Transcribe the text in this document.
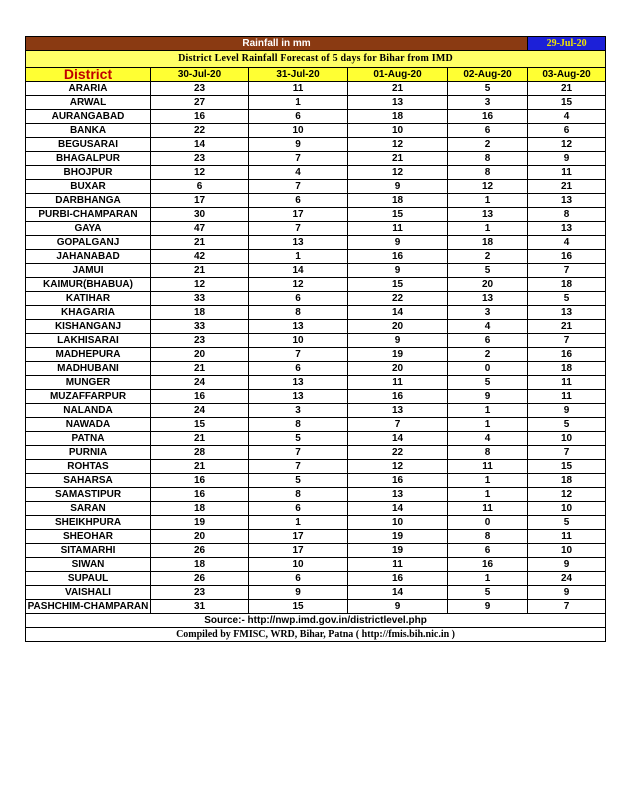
Rainfall in mm					29-Jul-20
District Level Rainfall Forecast of 5 days for Bihar from IMD					
District	30-Jul-20	31-Jul-20	01-Aug-20	02-Aug-20	03-Aug-20
ARARIA	23	11	21	5	21
ARWAL	27	1	13	3	15
AURANGABAD	16	6	18	16	4
BANKA	22	10	10	6	6
BEGUSARAI	14	9	12	2	12
BHAGALPUR	23	7	21	8	9
BHOJPUR	12	4	12	8	11
BUXAR	6	7	9	12	21
DARBHANGA	17	6	18	1	13
PURBI-CHAMPARAN	30	17	15	13	8
GAYA	47	7	11	1	13
GOPALGANJ	21	13	9	18	4
JAHANABAD	42	1	16	2	16
JAMUI	21	14	9	5	7
KAIMUR(BHABUA)	12	12	15	20	18
KATIHAR	33	6	22	13	5
KHAGARIA	18	8	14	3	13
KISHANGANJ	33	13	20	4	21
LAKHISARAI	23	10	9	6	7
MADHEPURA	20	7	19	2	16
MADHUBANI	21	6	20	0	18
MUNGER	24	13	11	5	11
MUZAFFARPUR	16	13	16	9	11
NALANDA	24	3	13	1	9
NAWADA	15	8	7	1	5
PATNA	21	5	14	4	10
PURNIA	28	7	22	8	7
ROHTAS	21	7	12	11	15
SAHARSA	16	5	16	1	18
SAMASTIPUR	16	8	13	1	12
SARAN	18	6	14	11	10
SHEIKHPURA	19	1	10	0	5
SHEOHAR	20	17	19	8	11
SITAMARHI	26	17	19	6	10
SIWAN	18	10	11	16	9
SUPAUL	26	6	16	1	24
VAISHALI	23	9	14	5	9
PASHCHIM-CHAMPARAN	31	15	9	9	7
Source:- http://nwp.imd.gov.in/districtlevel.php					
Compiled by FMISC, WRD, Bihar, Patna ( http://fmis.bih.nic.in )					
